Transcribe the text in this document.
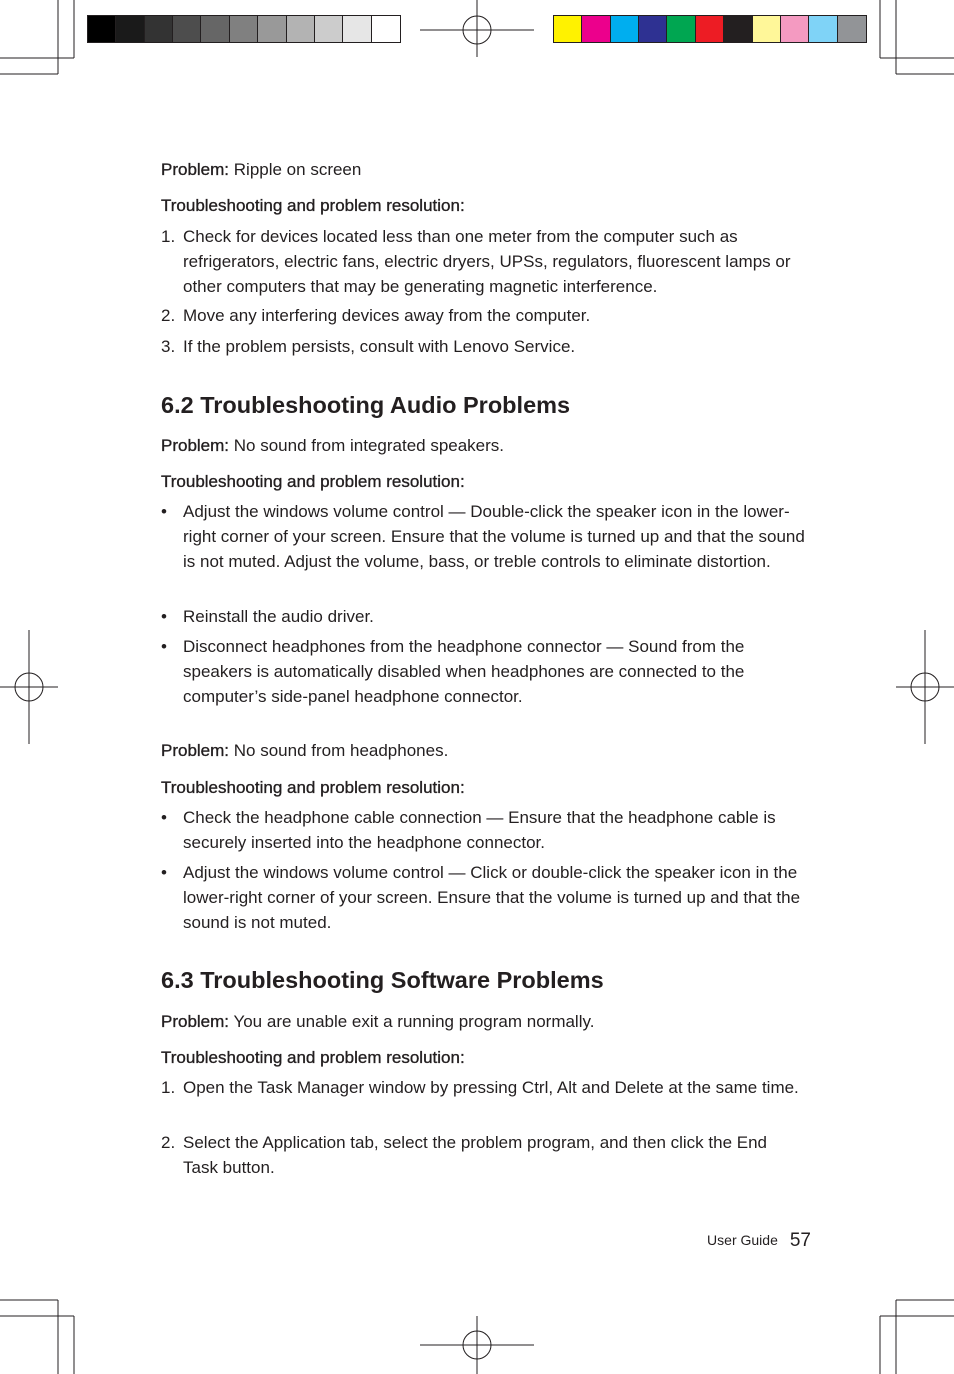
Problem: Ripple on screen
Troubleshooting and problem resolution:
1. Check for devices located less than one meter from the computer such as refrigerators, electric fans, electric dryers, UPSs, regulators, fluorescent lamps or other computers that may be generating magnetic interference.
2. Move any interfering devices away from the computer.
3. If the problem persists, consult with Lenovo Service.
6.2 Troubleshooting Audio Problems
Problem: No sound from integrated speakers.
Troubleshooting and problem resolution:
• Adjust the windows volume control — Double-click the speaker icon in the lower-right corner of your screen. Ensure that the volume is turned up and that the sound is not muted. Adjust the volume, bass, or treble controls to eliminate distortion.
• Reinstall the audio driver.
• Disconnect headphones from the headphone connector — Sound from the speakers is automatically disabled when headphones are connected to the computer’s side-panel headphone connector.
Problem: No sound from headphones.
Troubleshooting and problem resolution:
• Check the headphone cable connection — Ensure that the headphone cable is securely inserted into the headphone connector.
• Adjust the windows volume control — Click or double-click the speaker icon in the lower-right corner of your screen. Ensure that the volume is turned up and that the sound is not muted.
6.3 Troubleshooting Software Problems
Problem: You are unable exit a running program normally.
Troubleshooting and problem resolution:
1. Open the Task Manager window by pressing Ctrl, Alt and Delete at the same time.
2. Select the Application tab, select the problem program, and then click the End Task button.
User Guide 57
